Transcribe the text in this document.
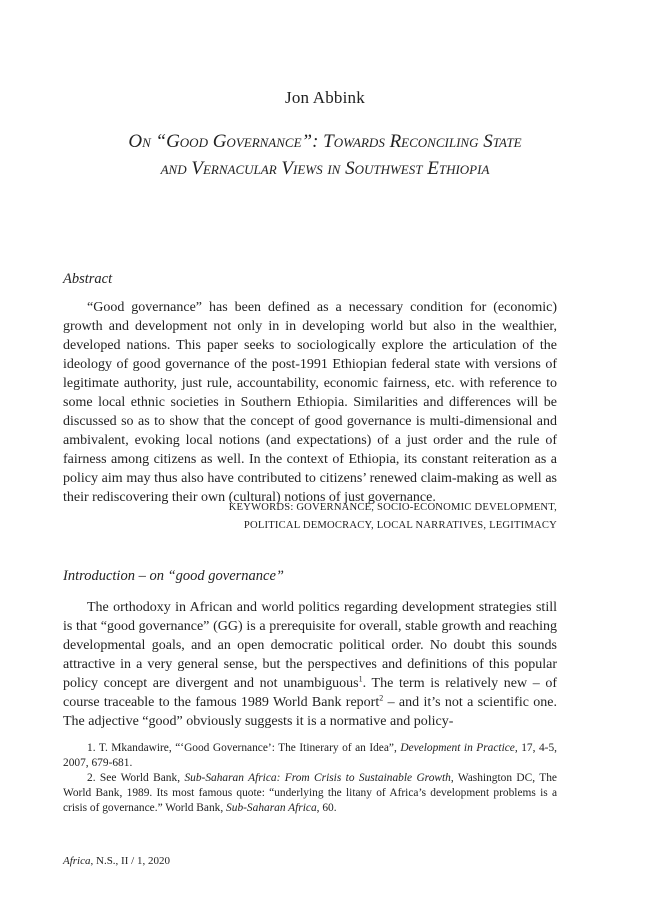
Jon Abbink
On “Good Governance”: Towards Reconciling State
and Vernacular Views in Southwest Ethiopia
Abstract
“Good governance” has been defined as a necessary condition for (economic) growth and development not only in in developing world but also in the wealthier, developed nations. This paper seeks to sociologically explore the articulation of the ideology of good governance of the post-1991 Ethiopian federal state with versions of legitimate authority, just rule, accountability, economic fairness, etc. with reference to some local ethnic societies in Southern Ethiopia. Similarities and differences will be discussed so as to show that the concept of good governance is multi-dimensional and ambivalent, evoking local notions (and expectations) of a just order and the rule of fairness among citizens as well. In the context of Ethiopia, its constant reiteration as a policy aim may thus also have contributed to citizens’ renewed claim-making as well as their rediscovering their own (cultural) notions of just governance.
KEYWORDS: GOVERNANCE, SOCIO-ECONOMIC DEVELOPMENT,
POLITICAL DEMOCRACY, LOCAL NARRATIVES, LEGITIMACY
Introduction – on “good governance”
The orthodoxy in African and world politics regarding development strategies still is that “good governance” (GG) is a prerequisite for overall, stable growth and reaching developmental goals, and an open democratic political order. No doubt this sounds attractive in a very general sense, but the perspectives and definitions of this popular policy concept are divergent and not unambiguous$^1$. The term is relatively new – of course traceable to the famous 1989 World Bank report$^2$ – and it’s not a scientific one. The adjective “good” obviously suggests it is a normative and policy-

1. T. Mkandawire, “‘Good Governance’: The Itinerary of an Idea”, Development in Practice, 17, 4-5, 2007, 679-681.

2. See World Bank, Sub-Saharan Africa: From Crisis to Sustainable Growth, Washington DC, The World Bank, 1989. Its most famous quote: “underlying the litany of Africa’s development problems is a crisis of governance.” World Bank, Sub-Saharan Africa, 60.

Africa, N.S., II / 1, 2020
